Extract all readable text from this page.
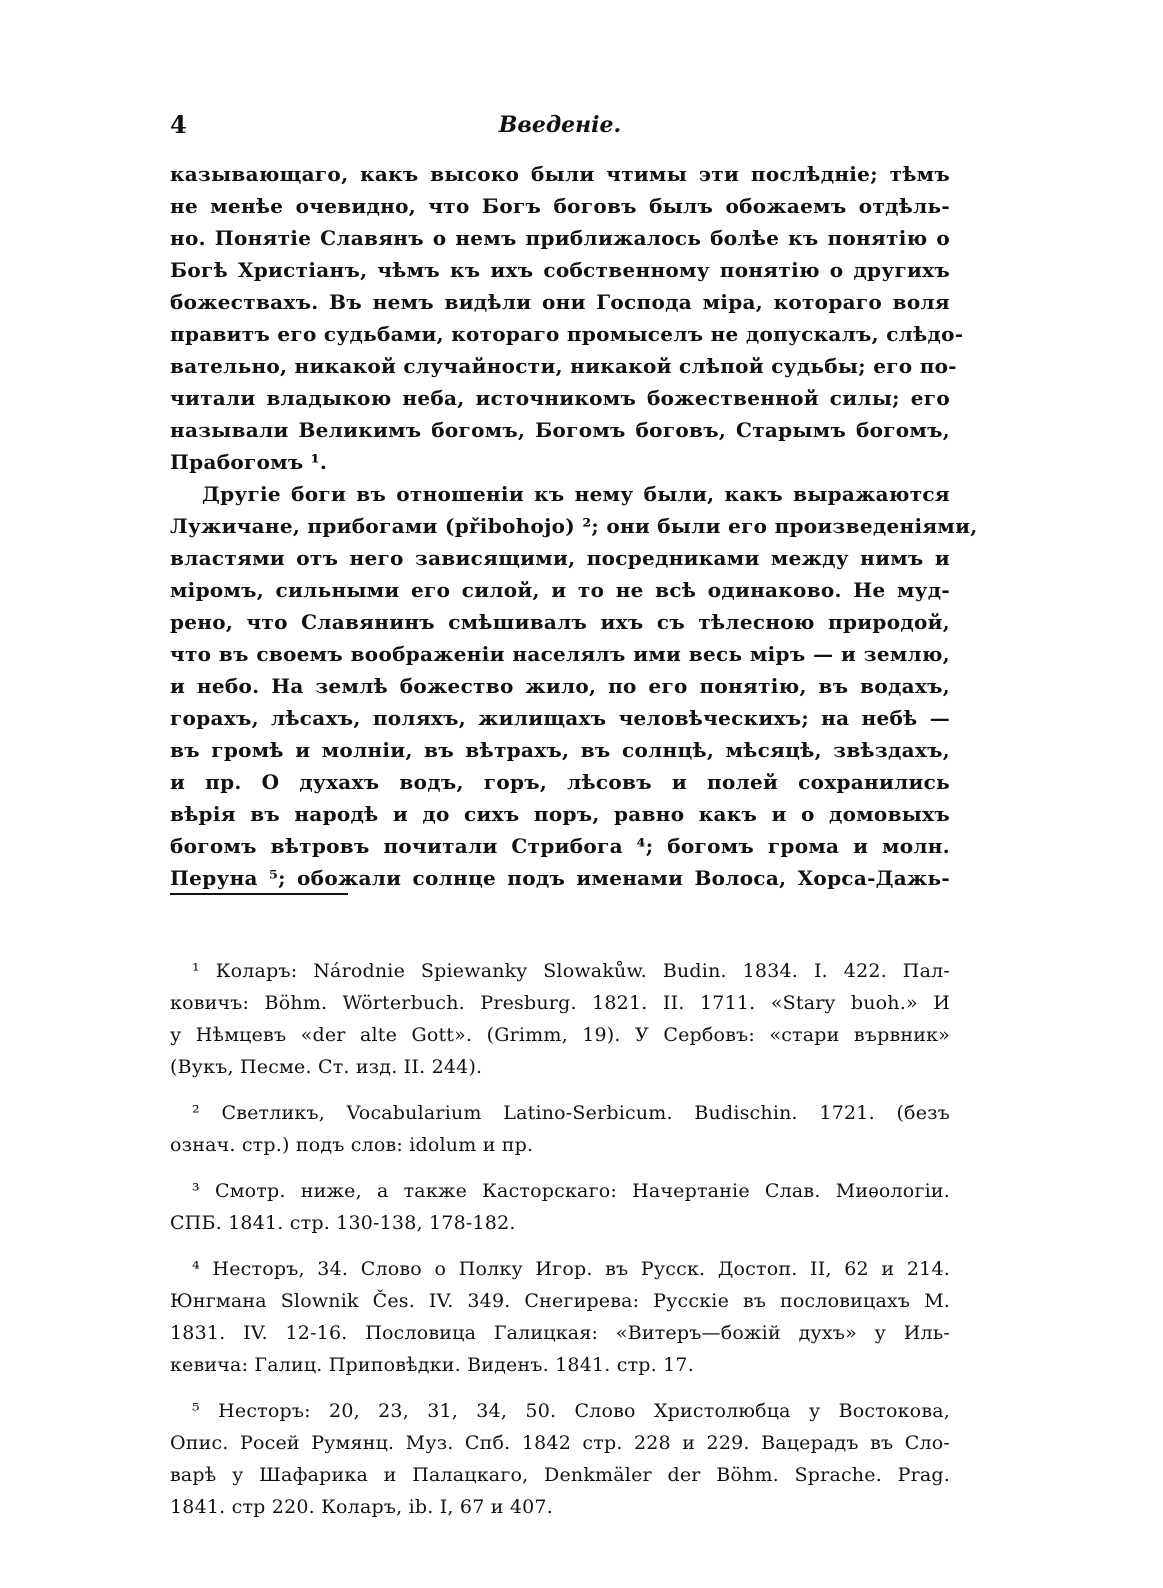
4	Введеніе.
казывающаго, какъ высоко были чтимы эти послѣдніе; тѣмъ
не менѣе очевидно, что Богъ боговъ былъ обожаемъ отдѣль-
но. Понятіе Славянъ о немъ приближалось болѣе къ понятію о
Богѣ Христіанъ, чѣмъ къ ихъ собственному понятію о другихъ
божествахъ. Въ немъ видѣли они Господа міра, котораго воля
правитъ его судьбами, котораго промыселъ не допускалъ, слѣдо-
вательно, никакой случайности, никакой слѣпой судьбы; его по-
читали владыкою неба, источникомъ божественной силы; его
называли Великимъ богомъ, Богомъ боговъ, Старымъ богомъ,
Прабогомъ ¹.
Другіе боги въ отношеніи къ нему были, какъ выражаются
Лужичане, прибогами (přibohojo) ²; они были его произведеніями,
властями отъ него зависящими, посредниками между нимъ и
міромъ, сильными его силой, и то не всѣ одинаково. Не муд-
рено, что Славянинъ смѣшивалъ ихъ съ тѣлесною природой,
что въ своемъ воображеніи населялъ ими весь міръ — и землю,
и небо. На землѣ божество жило, по его понятію, въ водахъ,
горахъ, лѣсахъ, поляхъ, жилищахъ человѣческихъ; на небѣ —
въ громѣ и молніи, въ вѣтрахъ, въ солнцѣ, мѣсяцѣ, звѣздахъ,
и пр. О духахъ водъ, горъ, лѣсовъ и полей сохранились
вѣрія въ народѣ и до сихъ поръ, равно какъ и о домовыхъ
богомъ вѣтровъ почитали Стрибога ⁴; богомъ грома и молн.
Перуна ⁵; обожали солнце подъ именами Волоса, Хорса-Дажь-
¹ Коларъ: Národnie Spiewanky Slowakůw. Budin. 1834. I. 422. Пал-
ковичъ: Böhm. Wörterbuch. Presburg. 1821. II. 1711. «Stary buoh.» И
у Нѣмцевъ «der alte Gott». (Grimm, 19). У Сербовъ: «стари вървник»
(Вукъ, Песме. Ст. изд. II. 244).
² Светликъ, Vocabularium Latino-Serbicum. Budischin. 1721. (безъ
означ. стр.) подъ слов: idolum и пр.
³ Смотр. ниже, а также Касторскаго: Начертаніе Слав. Миѳологіи.
СПБ. 1841. стр. 130-138, 178-182.
⁴ Несторъ, 34. Слово о Полку Игор. въ Русск. Достоп. II, 62 и 214.
Юнгмана Slownik Čes. IV. 349. Снегирева: Русскіе въ пословицахъ М.
1831. IV. 12-16. Пословица Галицкая: «Витеръ—божій духъ» у Иль-
кевича: Галиц. Приповѣдки. Виденъ. 1841. стр. 17.
⁵ Несторъ: 20, 23, 31, 34, 50. Слово Христолюбца у Востокова,
Опис. Росей Румянц. Муз. Спб. 1842 стр. 228 и 229. Вацерадъ въ Сло-
варѣ у Шафарика и Палацкаго, Denkmäler der Böhm. Sprache. Prag.
1841. стр 220. Коларъ, ib. I, 67 и 407.
